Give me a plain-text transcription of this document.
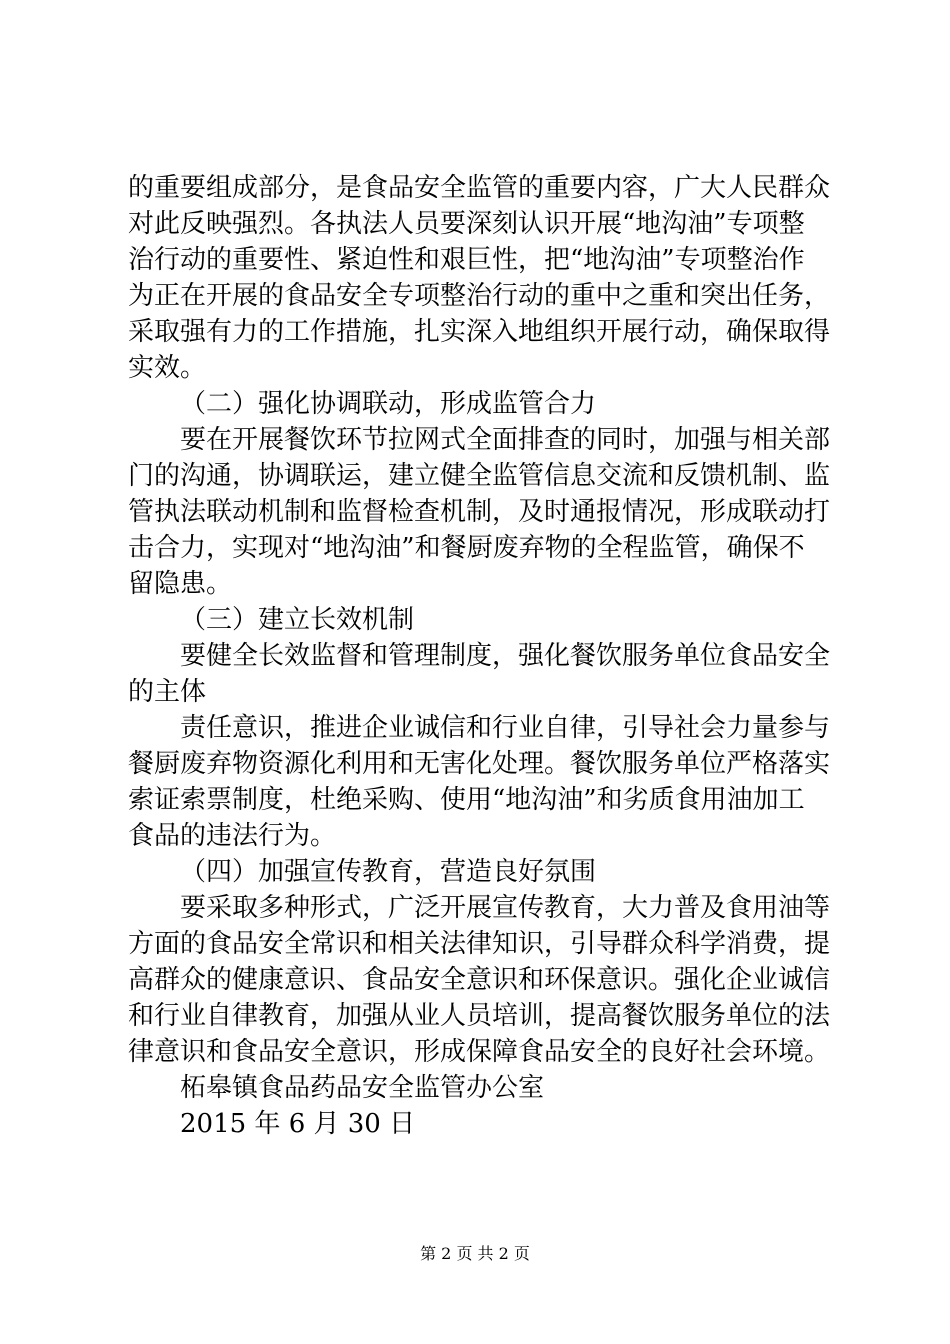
的重要组成部分，是食品安全监管的重要内容，广大人民群众
对此反映强烈。各执法人员要深刻认识开展“地沟油”专项整
治行动的重要性、紧迫性和艰巨性，把“地沟油”专项整治作
为正在开展的食品安全专项整治行动的重中之重和突出任务，
采取强有力的工作措施，扎实深入地组织开展行动，确保取得
实效。
（二）强化协调联动，形成监管合力
要在开展餐饮环节拉网式全面排查的同时，加强与相关部
门的沟通，协调联运，建立健全监管信息交流和反馈机制、监
管执法联动机制和监督检查机制，及时通报情况，形成联动打
击合力，实现对“地沟油”和餐厨废弃物的全程监管，确保不
留隐患。
（三）建立长效机制
要健全长效监督和管理制度，强化餐饮服务单位食品安全
的主体
责任意识，推进企业诚信和行业自律，引导社会力量参与
餐厨废弃物资源化利用和无害化处理。餐饮服务单位严格落实
索证索票制度，杜绝采购、使用“地沟油”和劣质食用油加工
食品的违法行为。
（四）加强宣传教育，营造良好氛围
要采取多种形式，广泛开展宣传教育，大力普及食用油等
方面的食品安全常识和相关法律知识，引导群众科学消费，提
高群众的健康意识、食品安全意识和环保意识。强化企业诚信
和行业自律教育，加强从业人员培训，提高餐饮服务单位的法
律意识和食品安全意识，形成保障食品安全的良好社会环境。
柘皋镇食品药品安全监管办公室
2015 年 6 月 30 日
第 2 页 共 2 页
